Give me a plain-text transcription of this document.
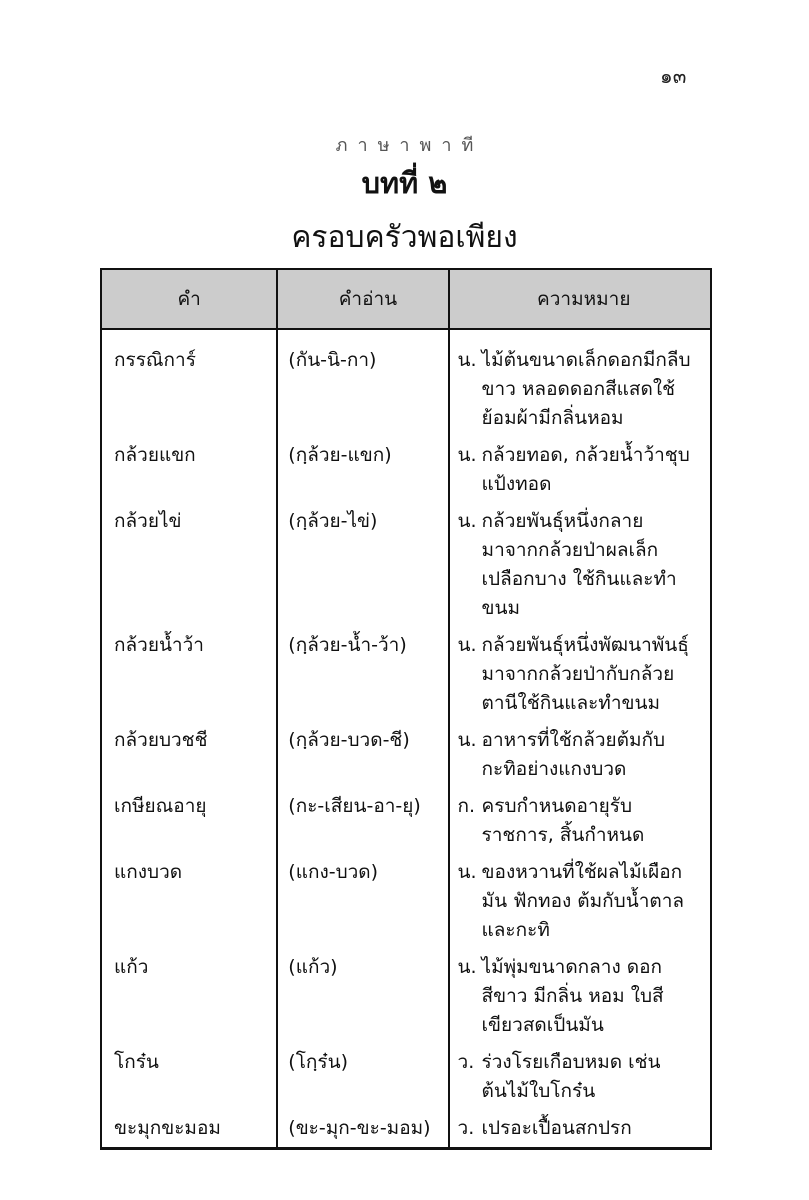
๑๓
ภาษาพาที
บทที่ ๒
ครอบครัวพอเพียง
คำ	คำอ่าน	ความหมาย
กรรณิการ์	(กัน-นิ-กา)	น. ไม้ต้นขนาดเล็กดอกมีกลีบ
ขาว หลอดดอกสีแสดใช้
ย้อมผ้ามีกลิ่นหอม

กล้วยแขก	(กฺล้วย-แขก)	น. กล้วยทอด, กล้วยน้ำว้าชุบ
แป้งทอด

กล้วยไข่	(กฺล้วย-ไข่)	น. กล้วยพันธุ์หนึ่งกลาย
มาจากกล้วยป่าผลเล็ก
เปลือกบาง ใช้กินและทำ
ขนม

กล้วยน้ำว้า	(กฺล้วย-น้ำ-ว้า)	น. กล้วยพันธุ์หนึ่งพัฒนาพันธุ์
มาจากกล้วยป่ากับกล้วย
ตานีใช้กินและทำขนม

กล้วยบวชชี	(กฺล้วย-บวด-ชี)	น. อาหารที่ใช้กล้วยต้มกับ
กะทิอย่างแกงบวด

เกษียณอายุ	(กะ-เสียน-อา-ยุ)	ก. ครบกำหนดอายุรับ
ราชการ, สิ้นกำหนด

แกงบวด	(แกง-บวด)	น. ของหวานที่ใช้ผลไม้เผือก
มัน ฟักทอง ต้มกับน้ำตาล
และกะทิ

แก้ว	(แก้ว)	น. ไม้พุ่มขนาดกลาง ดอก
สีขาว มีกลิ่น หอม ใบสี
เขียวสดเป็นมัน

โกร๋น	(โกฺร๋น)	ว. ร่วงโรยเกือบหมด เช่น
ต้นไม้ใบโกร๋น

ขะมุกขะมอม	(ขะ-มุก-ขะ-มอม)	ว. เปรอะเปื้อนสกปรก
